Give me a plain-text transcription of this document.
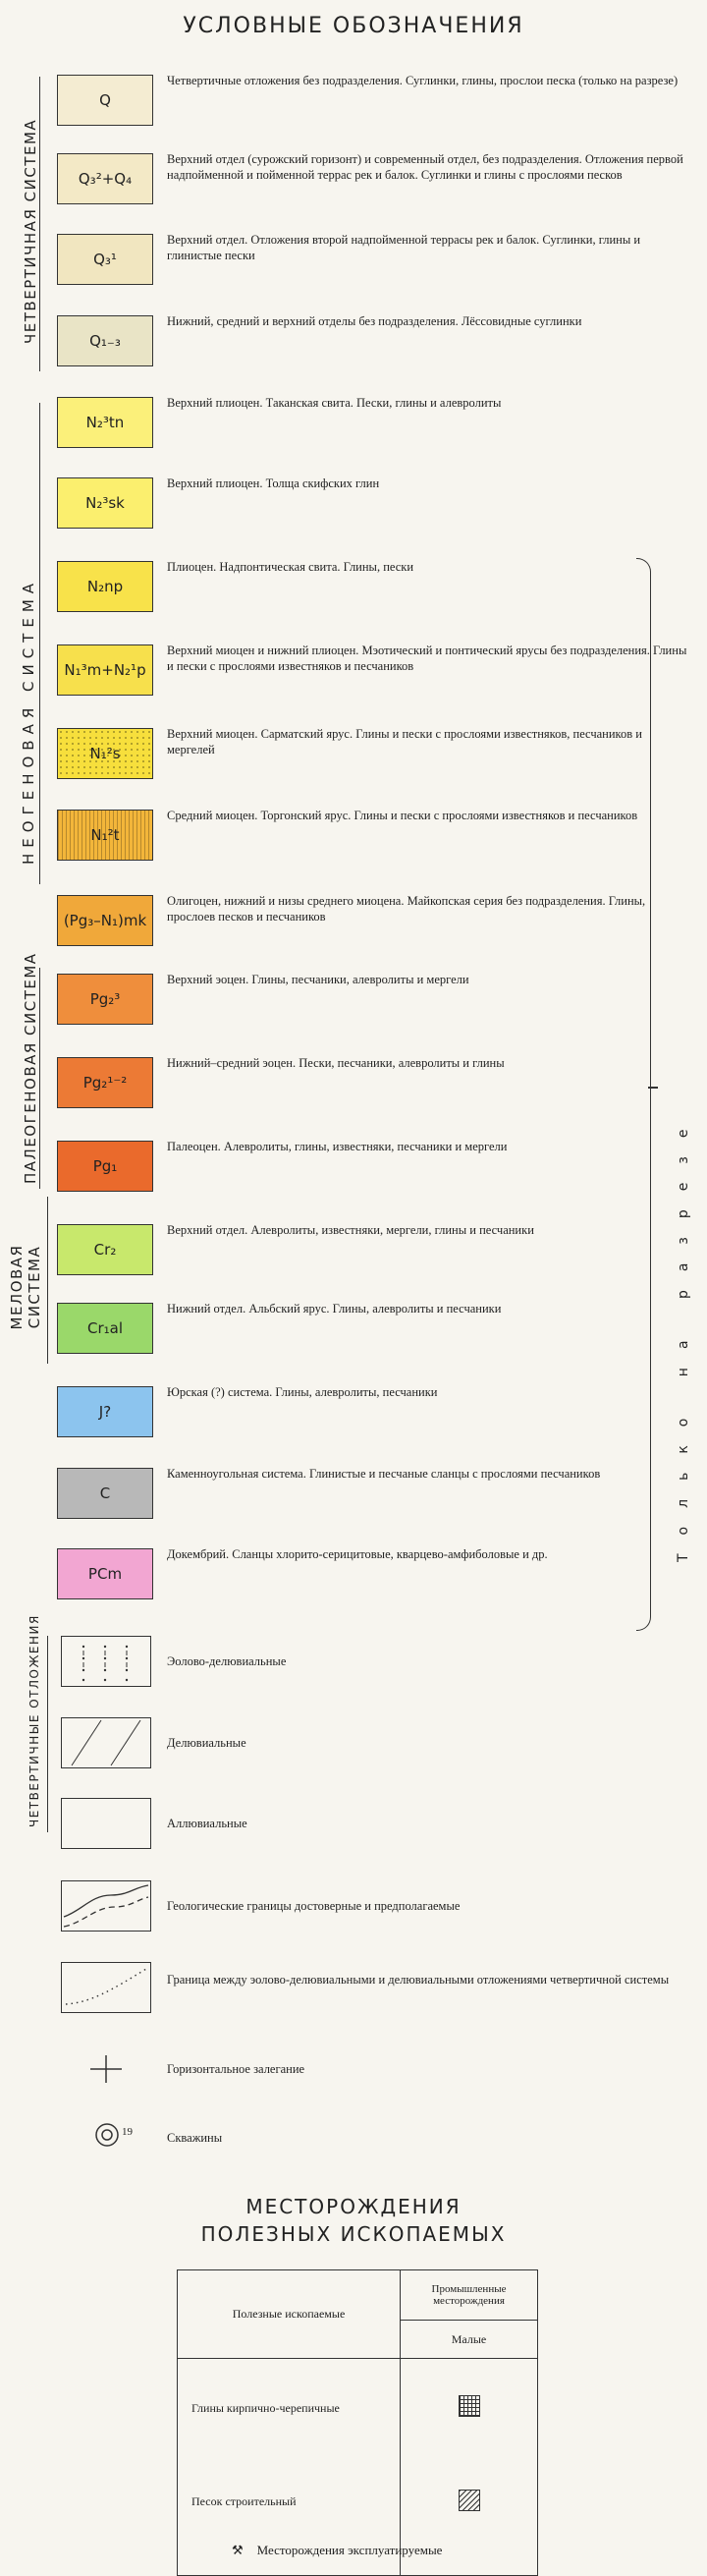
УСЛОВНЫЕ ОБОЗНАЧЕНИЯ
ЧЕТВЕРТИЧНАЯ СИСТЕМА
НЕОГЕНОВАЯ СИСТЕМА
ПАЛЕОГЕНОВАЯ СИСТЕМА
МЕЛОВАЯ СИСТЕМА
ЧЕТВЕРТИЧНЫЕ ОТЛОЖЕНИЯ
Только на разрезе
Q
Четвертичные отложения без подразделения. Суглинки, глины, прослои песка (только на разрезе)
Q₃²+Q₄
Верхний отдел (сурожский горизонт) и современный отдел, без подразделения. Отложения первой надпойменной и пойменной террас рек и балок. Суглинки и глины с прослоями песков
Q₃¹
Верхний отдел. Отложения второй надпойменной террасы рек и балок. Суглинки, глины и глинистые пески
Q₁₋₃
Нижний, средний и верхний отделы без подразделения. Лёссовидные суглинки
N₂³tn
Верхний плиоцен. Таканская свита. Пески, глины и алевролиты
N₂³sk
Верхний плиоцен. Толща скифских глин
N₂np
Плиоцен. Надпонтическая свита. Глины, пески
N₁³m+N₂¹p
Верхний миоцен и нижний плиоцен. Мэотический и понтический ярусы без подразделения. Глины и пески с прослоями известняков и песчаников
N₁²s
Верхний миоцен. Сарматский ярус. Глины и пески с прослоями известняков, песчаников и мергелей
N₁²t
Средний миоцен. Торгонский ярус. Глины и пески с прослоями известняков и песчаников
(Pg₃–N₁)mk
Олигоцен, нижний и низы среднего миоцена. Майкопская серия без подразделения. Глины, прослоев песков и песчаников
Pg₂³
Верхний эоцен. Глины, песчаники, алевролиты и мергели
Pg₂¹⁻²
Нижний–средний эоцен. Пески, песчаники, алевролиты и глины
Pg₁
Палеоцен. Алевролиты, глины, известняки, песчаники и мергели
Cr₂
Верхний отдел. Алевролиты, известняки, мергели, глины и песчаники
Cr₁al
Нижний отдел. Альбский ярус. Глины, алевролиты и песчаники
J?
Юрская (?) система. Глины, алевролиты, песчаники
C
Каменноугольная система. Глинистые и песчаные сланцы с прослоями песчаников
PCm
Докембрий. Сланцы хлорито-серицитовые, кварцево-амфиболовые и др.
Эолово-делювиальные
Делювиальные
Аллювиальные
Геологические границы достоверные и предполагаемые
Граница между эолово-делювиальными и делювиальными отложениями четвертичной системы
Горизонтальное залегание
19	Скважины
МЕСТОРОЖДЕНИЯ
ПОЛЕЗНЫХ ИСКОПАЕМЫХ
Полезные ископаемые	Промышленные месторождения
	Малые
Глины кирпично-черепичные	
Песок строительный	
⚒ Месторождения эксплуатируемые
